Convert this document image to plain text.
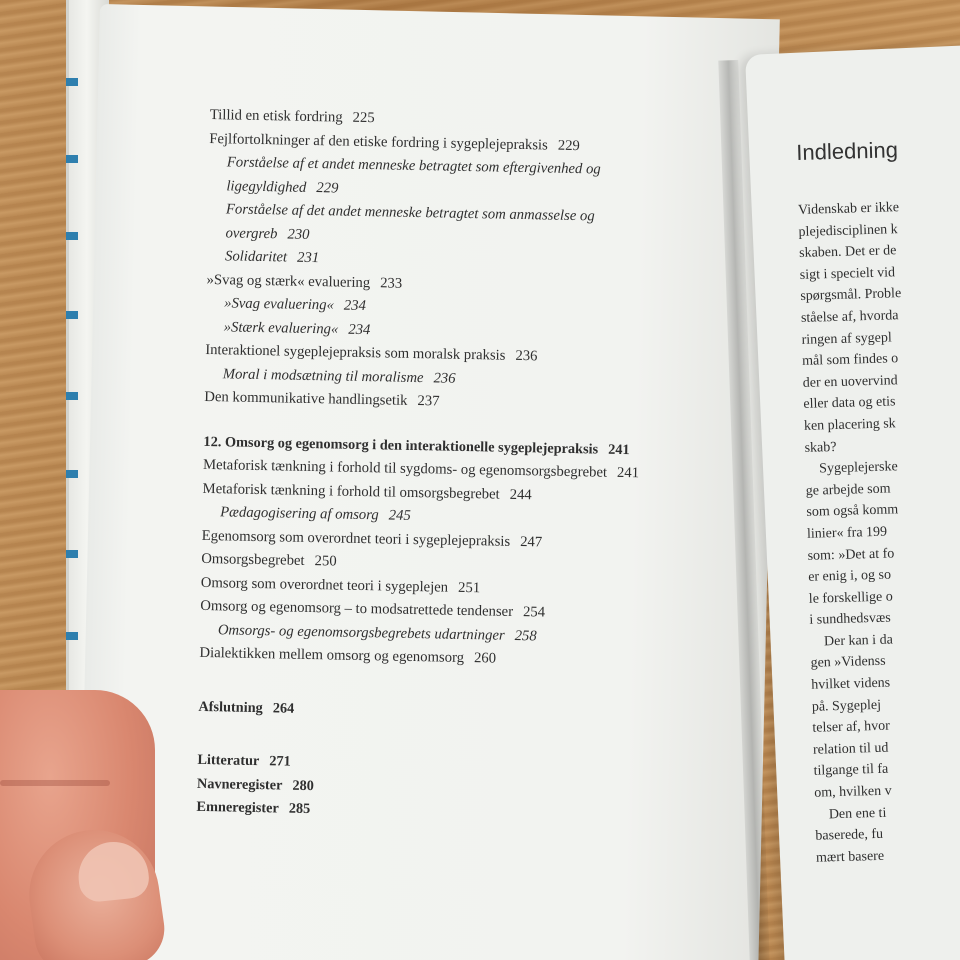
Tillid en etisk fordring 225
Fejlfortolkninger af den etiske fordring i sygeplejepraksis 229
Forståelse af et andet menneske betragtet som eftergivenhed og
ligegyldighed 229
Forståelse af det andet menneske betragtet som anmasselse og
overgreb 230
Solidaritet 231
»Svag og stærk« evaluering 233
»Svag evaluering« 234
»Stærk evaluering« 234
Interaktionel sygeplejepraksis som moralsk praksis 236
Moral i modsætning til moralisme 236
Den kommunikative handlingsetik 237
12. Omsorg og egenomsorg i den interaktionelle sygeplejepraksis 241
Metaforisk tænkning i forhold til sygdoms- og egenomsorgsbegrebet 241
Metaforisk tænkning i forhold til omsorgsbegrebet 244
Pædagogisering af omsorg 245
Egenomsorg som overordnet teori i sygeplejepraksis 247
Omsorgsbegrebet 250
Omsorg som overordnet teori i sygeplejen 251
Omsorg og egenomsorg – to modsatrettede tendenser 254
Omsorgs- og egenomsorgsbegrebets udartninger 258
Dialektikken mellem omsorg og egenomsorg 260
Afslutning 264
Litteratur 271
Navneregister 280
Emneregister 285
Indledning
Videnskab er ikke
plejedisciplinen k
skaben. Det er de
sigt i specielt vid
spørgsmål. Proble
ståelse af, hvorda
ringen af sygepl
mål som findes o
der en uovervind
eller data og etis
ken placering sk
skab?
Sygeplejerske
ge arbejde som
som også komm
linier« fra 199
som: »Det at fo
er enig i, og so
le forskellige o
i sundhedsvæs
Der kan i da
gen »Videnss
hvilket videns
på. Sygeplej
telser af, hvor
relation til ud
tilgange til fa
om, hvilken v
Den ene ti
baserede, fu
mært basere
